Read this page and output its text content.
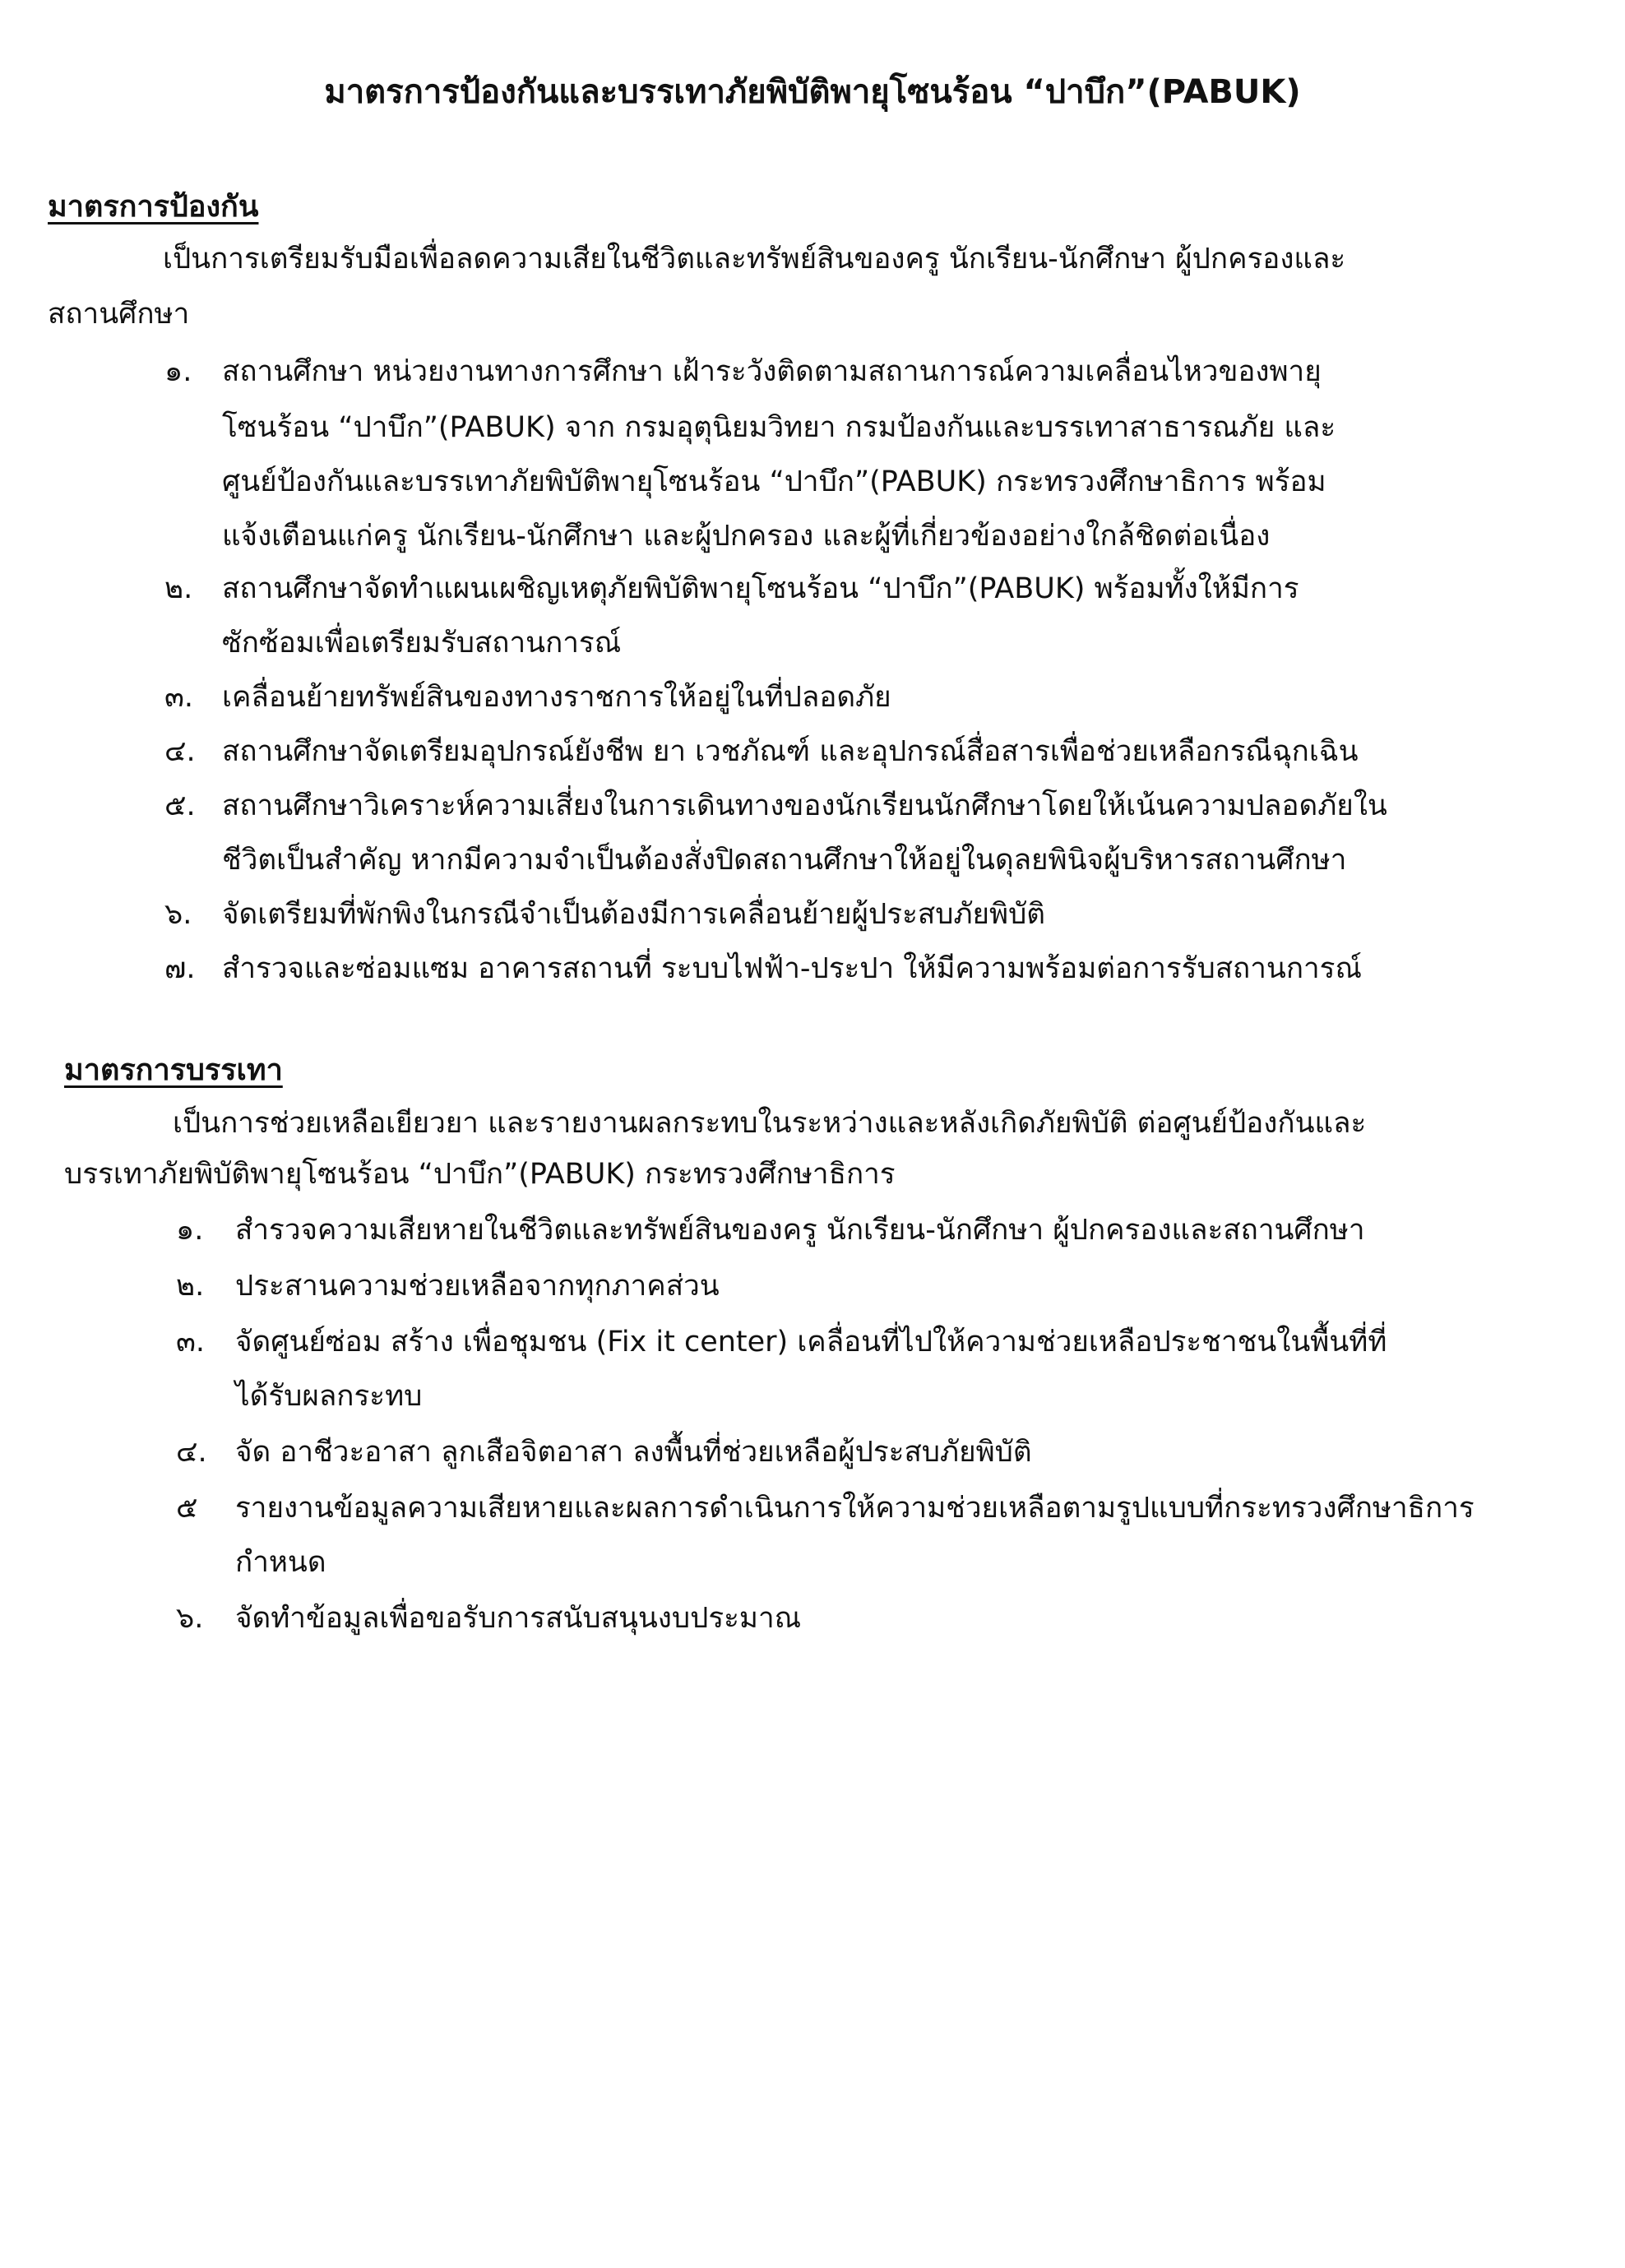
มาตรการป้องกันและบรรเทาภัยพิบัติพายุโซนร้อน “ปาบึก”(PABUK)
มาตรการป้องกัน
เป็นการเตรียมรับมือเพื่อลดความเสียในชีวิตและทรัพย์สินของครู นักเรียน-นักศึกษา ผู้ปกครองและ
สถานศึกษา
๑. สถานศึกษา หน่วยงานทางการศึกษา เฝ้าระวังติดตามสถานการณ์ความเคลื่อนไหวของพายุ
โซนร้อน “ปาบึก”(PABUK) จาก กรมอุตุนิยมวิทยา กรมป้องกันและบรรเทาสาธารณภัย และ
ศูนย์ป้องกันและบรรเทาภัยพิบัติพายุโซนร้อน “ปาบึก”(PABUK) กระทรวงศึกษาธิการ พร้อม
แจ้งเตือนแก่ครู นักเรียน-นักศึกษา และผู้ปกครอง และผู้ที่เกี่ยวข้องอย่างใกล้ชิดต่อเนื่อง
๒. สถานศึกษาจัดทำแผนเผชิญเหตุภัยพิบัติพายุโซนร้อน “ปาบึก”(PABUK) พร้อมทั้งให้มีการ
ซักซ้อมเพื่อเตรียมรับสถานการณ์
๓. เคลื่อนย้ายทรัพย์สินของทางราชการให้อยู่ในที่ปลอดภัย
๔. สถานศึกษาจัดเตรียมอุปกรณ์ยังชีพ ยา เวชภัณฑ์ และอุปกรณ์สื่อสารเพื่อช่วยเหลือกรณีฉุกเฉิน
๕. สถานศึกษาวิเคราะห์ความเสี่ยงในการเดินทางของนักเรียนนักศึกษาโดยให้เน้นความปลอดภัยใน
ชีวิตเป็นสำคัญ หากมีความจำเป็นต้องสั่งปิดสถานศึกษาให้อยู่ในดุลยพินิจผู้บริหารสถานศึกษา
๖. จัดเตรียมที่พักพิงในกรณีจำเป็นต้องมีการเคลื่อนย้ายผู้ประสบภัยพิบัติ
๗. สำรวจและซ่อมแซม อาคารสถานที่ ระบบไฟฟ้า-ประปา ให้มีความพร้อมต่อการรับสถานการณ์
มาตรการบรรเทา
เป็นการช่วยเหลือเยียวยา และรายงานผลกระทบในระหว่างและหลังเกิดภัยพิบัติ ต่อศูนย์ป้องกันและ
บรรเทาภัยพิบัติพายุโซนร้อน “ปาบึก”(PABUK) กระทรวงศึกษาธิการ
๑. สำรวจความเสียหายในชีวิตและทรัพย์สินของครู นักเรียน-นักศึกษา ผู้ปกครองและสถานศึกษา
๒. ประสานความช่วยเหลือจากทุกภาคส่วน
๓. จัดศูนย์ซ่อม สร้าง เพื่อชุมชน (Fix it center) เคลื่อนที่ไปให้ความช่วยเหลือประชาชนในพื้นที่ที่
ได้รับผลกระทบ
๔. จัด อาชีวะอาสา ลูกเสือจิตอาสา ลงพื้นที่ช่วยเหลือผู้ประสบภัยพิบัติ
๕ รายงานข้อมูลความเสียหายและผลการดำเนินการให้ความช่วยเหลือตามรูปแบบที่กระทรวงศึกษาธิการ
กำหนด
๖. จัดทำข้อมูลเพื่อขอรับการสนับสนุนงบประมาณ
